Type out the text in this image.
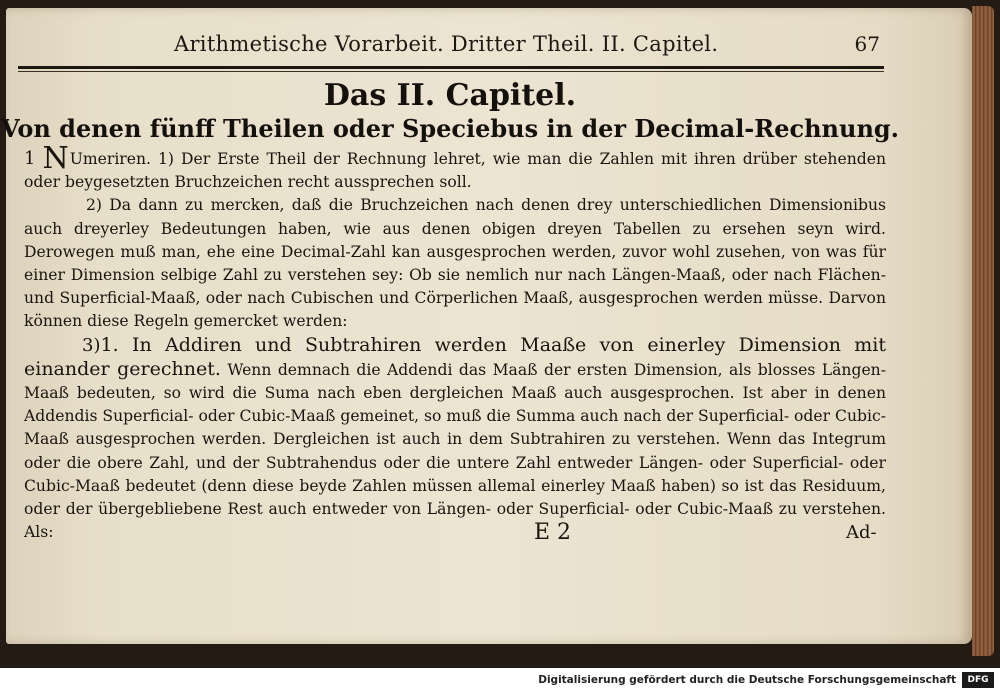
Arithmetische Vorarbeit. Dritter Theil. II. Capitel.	67
Das II. Capitel.
Von denen fünff Theilen oder Speciebus in der Decimal-Rechnung.

1 NUmeriren. 1) Der Erste Theil der Rechnung lehret, wie man die Zahlen mit ihren drüber stehenden oder beygesetzten Bruchzeichen recht aussprechen soll.

2) Da dann zu mercken, daß die Bruchzeichen nach denen drey unterschiedlichen Dimensionibus auch dreyerley Bedeutungen haben, wie aus denen obigen dreyen Tabellen zu ersehen seyn wird. Derowegen muß man, ehe eine Decimal-Zahl kan ausgesprochen werden, zuvor wohl zusehen, von was für einer Dimension selbige Zahl zu verstehen sey: Ob sie nemlich nur nach Längen-Maaß, oder nach Flächen- und Superficial-Maaß, oder nach Cubischen und Cörperlichen Maaß, ausgesprochen werden müsse. Darvon können diese Regeln gemercket werden:

3)1. In Addiren und Subtrahiren werden Maaße von einerley Dimension mit einander gerechnet. Wenn demnach die Addendi das Maaß der ersten Dimension, als blosses Längen-Maaß bedeuten, so wird die Suma nach eben dergleichen Maaß auch ausgesprochen. Ist aber in denen Addendis Superficial- oder Cubic-Maaß gemeinet, so muß die Summa auch nach der Superficial- oder Cubic-Maaß ausgesprochen werden. Dergleichen ist auch in dem Subtrahiren zu verstehen. Wenn das Integrum oder die obere Zahl, und der Subtrahendus oder die untere Zahl entweder Längen- oder Superficial- oder Cubic-Maaß bedeutet (denn diese beyde Zahlen müssen allemal einerley Maaß haben) so ist das Residuum, oder der übergebliebene Rest auch entweder von Längen- oder Superficial- oder Cubic-Maaß zu verstehen. Als:	E 2	Ad-
Digitalisierung gefördert durch die Deutsche Forschungsgemeinschaft	DFG
